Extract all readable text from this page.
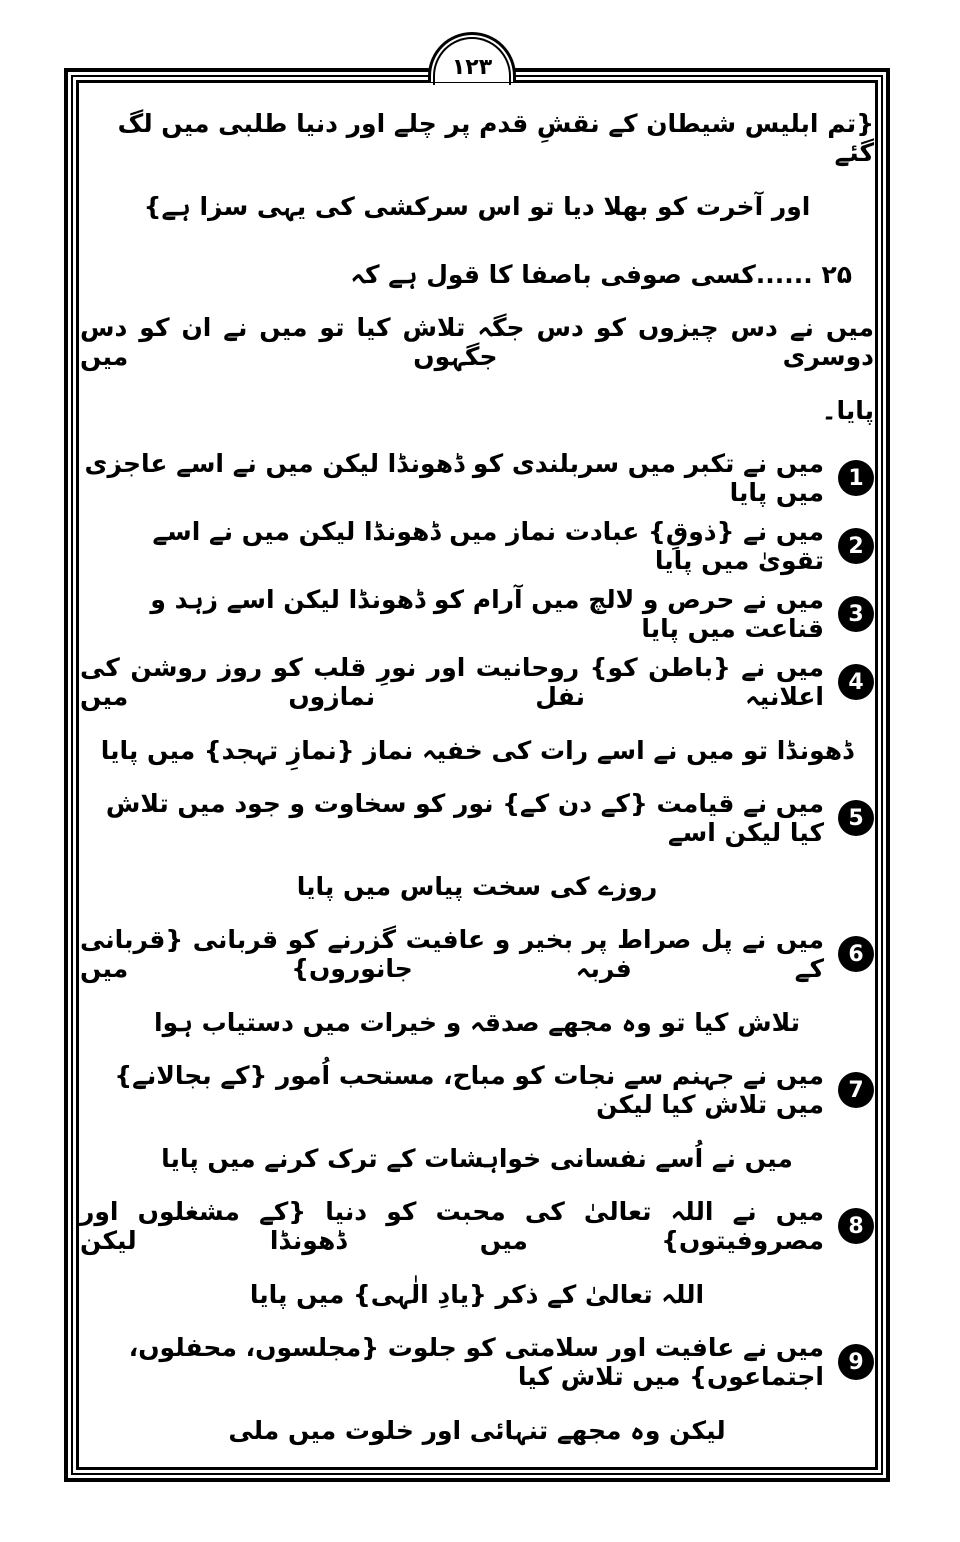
۱۲۳
{تم ابلیس شیطان کے نقشِ قدم پر چلے اور دنیا طلبی میں لگ گئے
اور آخرت کو بھلا دیا تو اس سرکشی کی یہی سزا ہے}
۲۵ ......کسی صوفی باصفا کا قول ہے کہ
میں نے دس چیزوں کو دس جگہ تلاش کیا تو میں نے ان کو دس دوسری جگہوں میں
پایا۔
1
میں نے تکبر میں سربلندی کو ڈھونڈا لیکن میں نے اسے عاجزی میں پایا
2
میں نے {ذوقِ} عبادت نماز میں ڈھونڈا لیکن میں نے اسے تقویٰ میں پایا
3
میں نے حرص و لالچ میں آرام کو ڈھونڈا لیکن اسے زہد و قناعت میں پایا
4
میں نے {باطن کو} روحانیت اور نورِ قلب کو روز روشن کی اعلانیہ نفل نمازوں میں
ڈھونڈا تو میں نے اسے رات کی خفیہ نماز {نمازِ تہجد} میں پایا
5
میں نے قیامت {کے دن کے} نور کو سخاوت و جود میں تلاش کیا لیکن اسے
روزے کی سخت پیاس میں پایا
6
میں نے پل صراط پر بخیر و عافیت گزرنے کو قربانی {قربانی کے فربہ جانوروں} میں
تلاش کیا تو وہ مجھے صدقہ و خیرات میں دستیاب ہوا
7
میں نے جہنم سے نجات کو مباح، مستحب اُمور {کے بجالانے} میں تلاش کیا لیکن
میں نے اُسے نفسانی خواہشات کے ترک کرنے میں پایا
8
میں نے اللہ تعالیٰ کی محبت کو دنیا {کے مشغلوں اور مصروفیتوں} میں ڈھونڈا لیکن
اللہ تعالیٰ کے ذکر {یادِ الٰہی} میں پایا
9
میں نے عافیت اور سلامتی کو جلوت {مجلسوں، محفلوں، اجتماعوں} میں تلاش کیا
لیکن وہ مجھے تنہائی اور خلوت میں ملی
